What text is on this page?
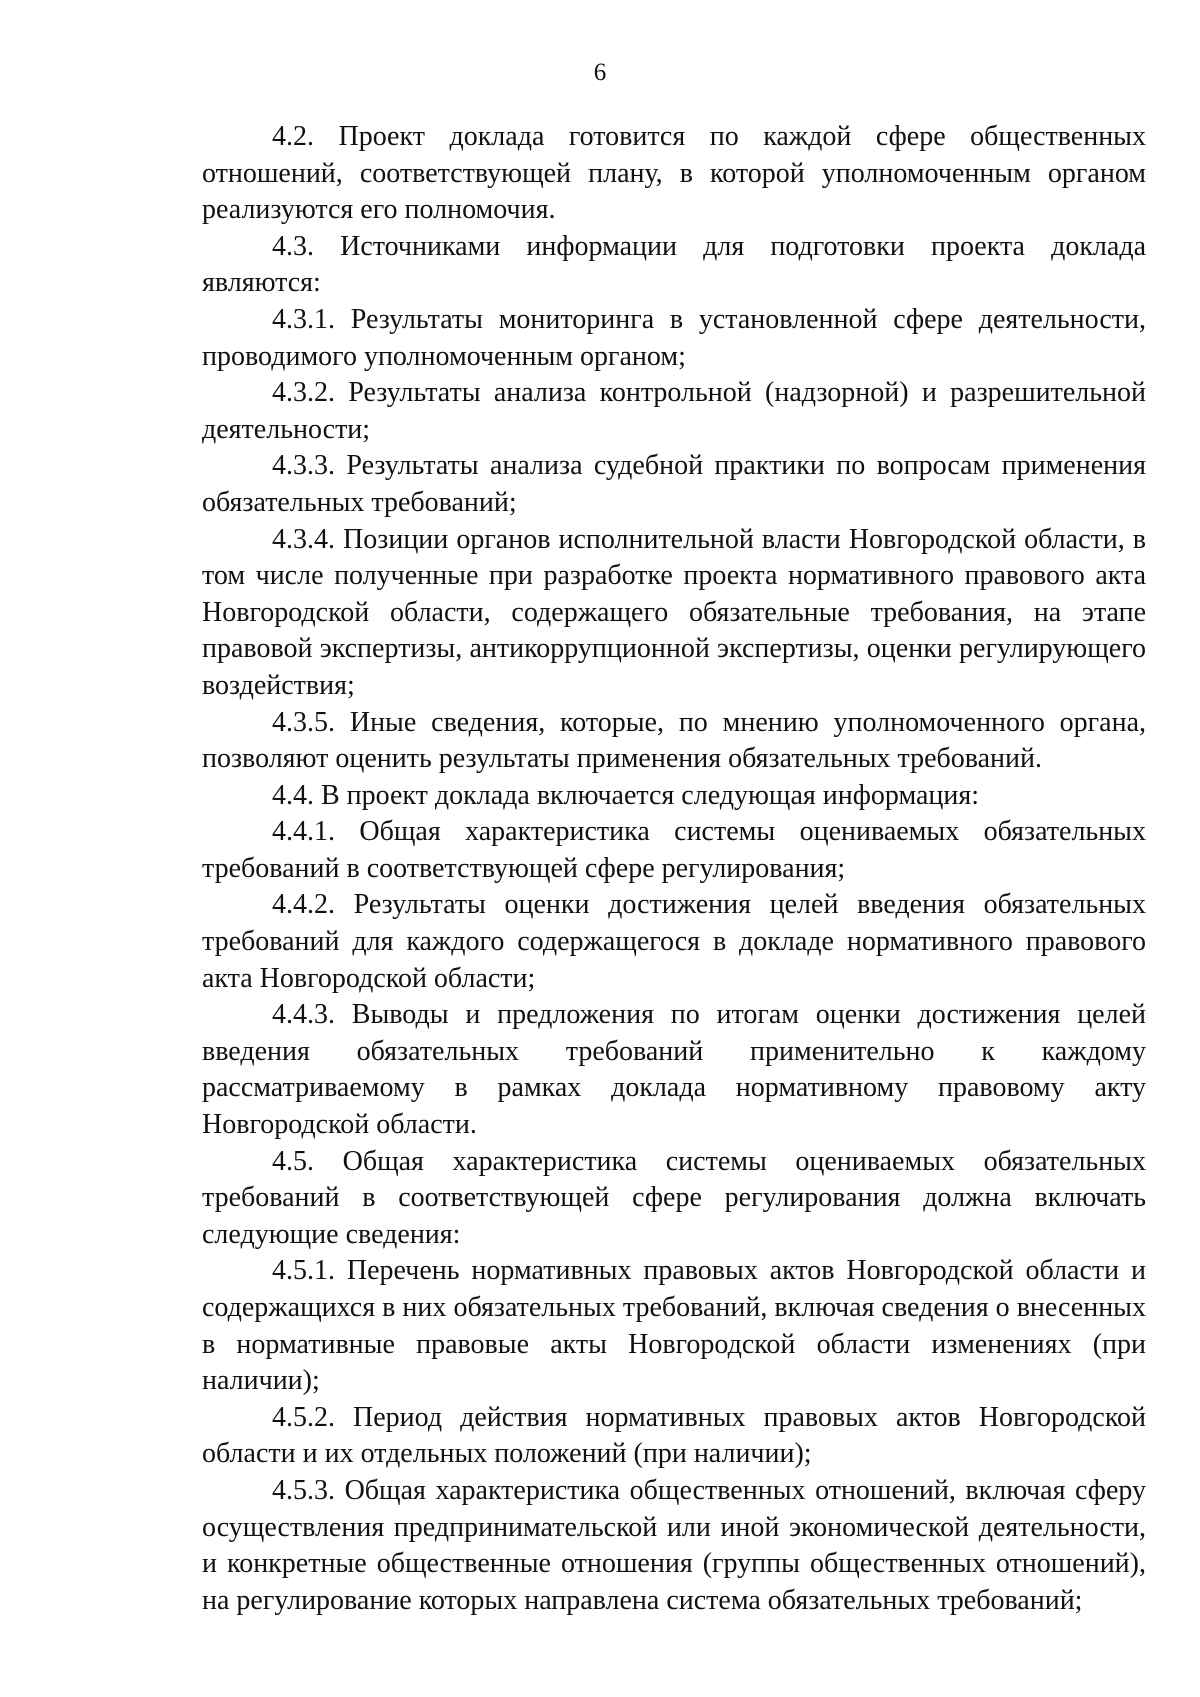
6

4.2. Проект доклада готовится по каждой сфере общественных отношений, соответствующей плану, в которой уполномоченным органом реализуются его полномочия.

4.3. Источниками информации для подготовки проекта доклада являются:

4.3.1. Результаты мониторинга в установленной сфере деятельности, проводимого уполномоченным органом;

4.3.2. Результаты анализа контрольной (надзорной) и разрешительной деятельности;

4.3.3. Результаты анализа судебной практики по вопросам применения обязательных требований;

4.3.4. Позиции органов исполнительной власти Новгородской области, в том числе полученные при разработке проекта нормативного правового акта Новгородской области, содержащего обязательные требования, на этапе правовой экспертизы, антикоррупционной экспертизы, оценки регулирующего воздействия;

4.3.5. Иные сведения, которые, по мнению уполномоченного органа, позволяют оценить результаты применения обязательных требований.

4.4. В проект доклада включается следующая информация:

4.4.1. Общая характеристика системы оцениваемых обязательных требований в соответствующей сфере регулирования;

4.4.2. Результаты оценки достижения целей введения обязательных требований для каждого содержащегося в докладе нормативного правового акта Новгородской области;

4.4.3. Выводы и предложения по итогам оценки достижения целей введения обязательных требований применительно к каждому рассматриваемому в рамках доклада нормативному правовому акту Новгородской области.

4.5. Общая характеристика системы оцениваемых обязательных требований в соответствующей сфере регулирования должна включать следующие сведения:

4.5.1. Перечень нормативных правовых актов Новгородской области и содержащихся в них обязательных требований, включая сведения о внесенных в нормативные правовые акты Новгородской области изменениях (при наличии);

4.5.2. Период действия нормативных правовых актов Новгородской области и их отдельных положений (при наличии);

4.5.3. Общая характеристика общественных отношений, включая сферу осуществления предпринимательской или иной экономической деятельности, и конкретные общественные отношения (группы общественных отношений), на регулирование которых направлена система обязательных требований;
